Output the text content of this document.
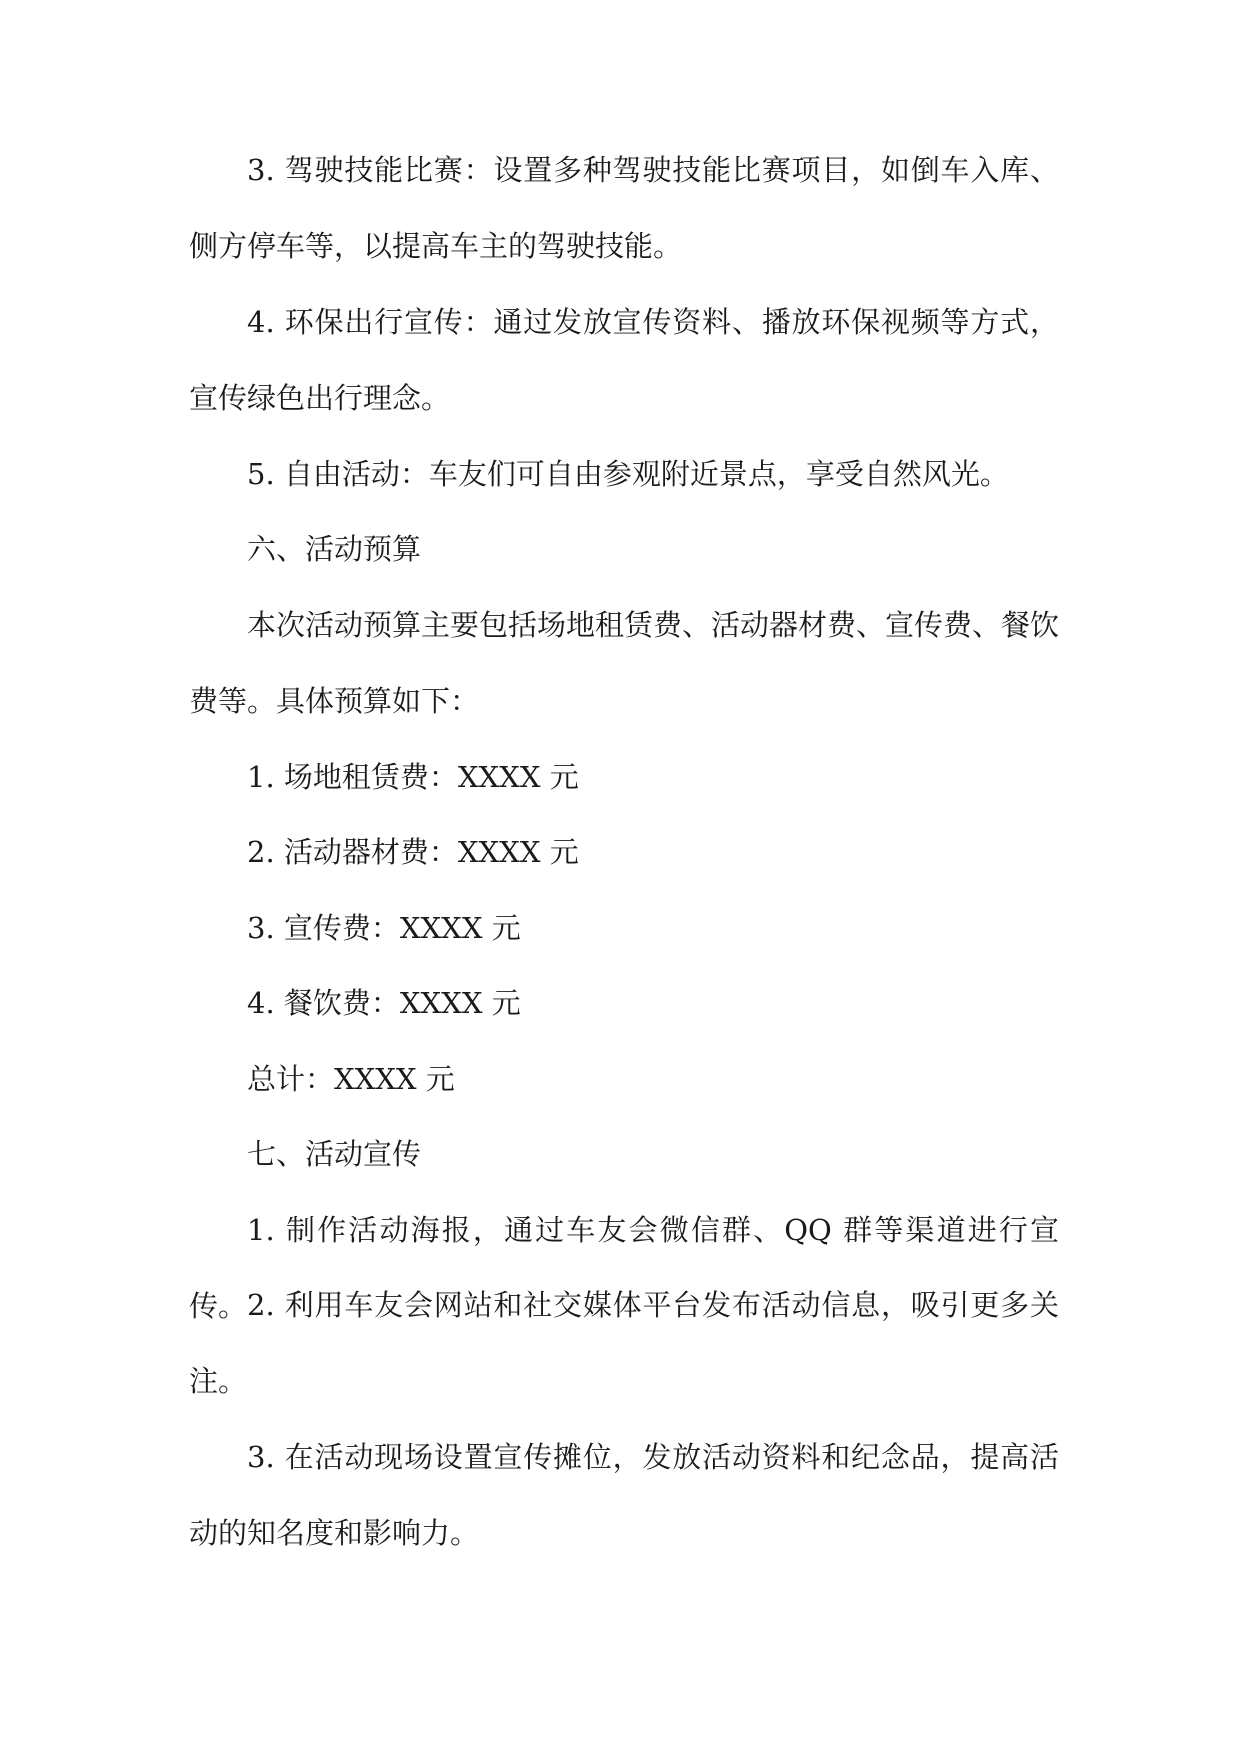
3. 驾驶技能比赛：设置多种驾驶技能比赛项目，如倒车入库、侧方停车等，以提高车主的驾驶技能。

4. 环保出行宣传：通过发放宣传资料、播放环保视频等方式，宣传绿色出行理念。

5. 自由活动：车友们可自由参观附近景点，享受自然风光。

六、活动预算

本次活动预算主要包括场地租赁费、活动器材费、宣传费、餐饮费等。具体预算如下：

1. 场地租赁费：XXXX 元

2. 活动器材费：XXXX 元

3. 宣传费：XXXX 元

4. 餐饮费：XXXX 元

总计：XXXX 元

七、活动宣传

1. 制作活动海报，通过车友会微信群、QQ 群等渠道进行宣传。 2. 利用车友会网站和社交媒体平台发布活动信息，吸引更多关注。

3. 在活动现场设置宣传摊位，发放活动资料和纪念品，提高活动的知名度和影响力。
